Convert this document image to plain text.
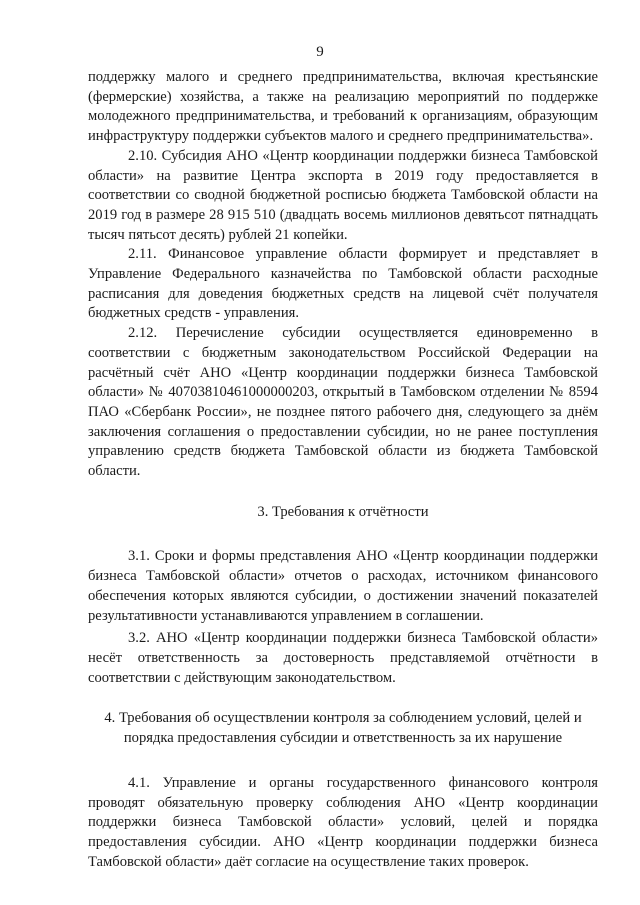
9

поддержку малого и среднего предпринимательства, включая крестьянские (фермерские) хозяйства, а также на реализацию мероприятий по поддержке молодежного предпринимательства, и требований к организациям, образующим инфраструктуру поддержки субъектов малого и среднего предпринимательства».

2.10. Субсидия АНО «Центр координации поддержки бизнеса Тамбовской области» на развитие Центра экспорта в 2019 году предоставляется в соответствии со сводной бюджетной росписью бюджета Тамбовской области на 2019 год в размере 28 915 510 (двадцать восемь миллионов девятьсот пятнадцать тысяч пятьсот десять) рублей 21 копейки.

2.11. Финансовое управление области формирует и представляет в Управление Федерального казначейства по Тамбовской области расходные расписания для доведения бюджетных средств на лицевой счёт получателя бюджетных средств - управления.

2.12. Перечисление субсидии осуществляется единовременно в соответствии с бюджетным законодательством Российской Федерации на расчётный счёт АНО «Центр координации поддержки бизнеса Тамбовской области» № 40703810461000000203, открытый в Тамбовском отделении № 8594 ПАО «Сбербанк России», не позднее пятого рабочего дня, следующего за днём заключения соглашения о предоставлении субсидии, но не ранее поступления управлению средств бюджета Тамбовской области из бюджета Тамбовской области.

3. Требования к отчётности

3.1. Сроки и формы представления АНО «Центр координации поддержки бизнеса Тамбовской области» отчетов о расходах, источником финансового обеспечения которых являются субсидии, о достижении значений показателей результативности устанавливаются управлением в соглашении.

3.2. АНО «Центр координации поддержки бизнеса Тамбовской области» несёт ответственность за достоверность представляемой отчётности в соответствии с действующим законодательством.

4. Требования об осуществлении контроля за соблюдением условий, целей и порядка предоставления субсидии и ответственность за их нарушение

4.1. Управление и органы государственного финансового контроля проводят обязательную проверку соблюдения АНО «Центр координации поддержки бизнеса Тамбовской области» условий, целей и порядка предоставления субсидии. АНО «Центр координации поддержки бизнеса Тамбовской области» даёт согласие на осуществление таких проверок.
